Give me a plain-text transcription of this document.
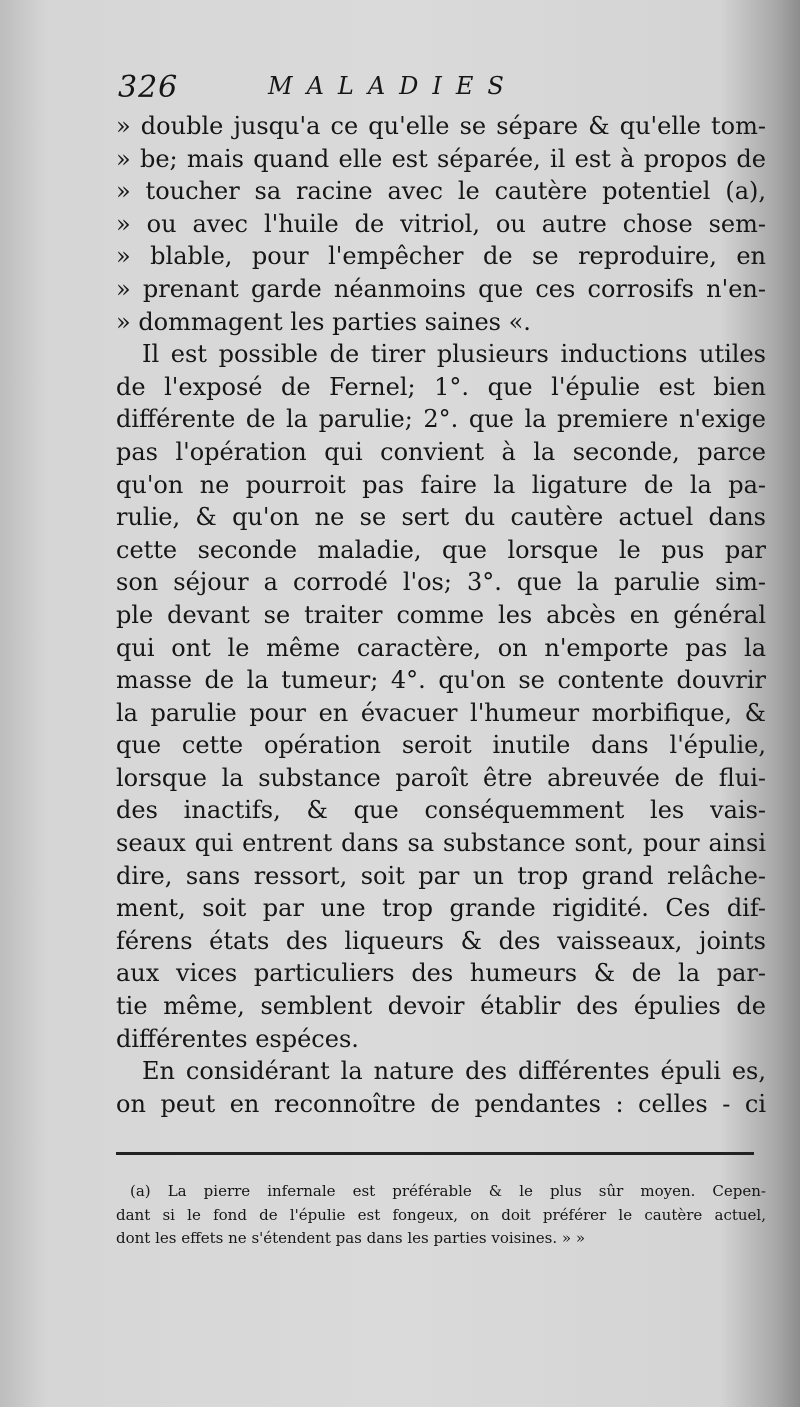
326	MALADIES
» double jusqu'a ce qu'elle se sépare & qu'elle tom-
» be; mais quand elle est séparée, il est à propos de
» toucher sa racine avec le cautère potentiel (a),
» ou avec l'huile de vitriol, ou autre chose sem-
» blable, pour l'empêcher de se reproduire, en
» prenant garde néanmoins que ces corrosifs n'en-
» dommagent les parties saines «.
Il est possible de tirer plusieurs inductions utiles
de l'exposé de Fernel; 1°. que l'épulie est bien
différente de la parulie; 2°. que la premiere n'exige
pas l'opération qui convient à la seconde, parce
qu'on ne pourroit pas faire la ligature de la pa-
rulie, & qu'on ne se sert du cautère actuel dans
cette seconde maladie, que lorsque le pus par
son séjour a corrodé l'os; 3°. que la parulie sim-
ple devant se traiter comme les abcès en général
qui ont le même caractère, on n'emporte pas la
masse de la tumeur; 4°. qu'on se contente douvrir
la parulie pour en évacuer l'humeur morbifique, &
que cette opération seroit inutile dans l'épulie,
lorsque la substance paroît être abreuvée de flui-
des inactifs, & que conséquemment les vais-
seaux qui entrent dans sa substance sont, pour ainsi
dire, sans ressort, soit par un trop grand relâche-
ment, soit par une trop grande rigidité. Ces dif-
férens états des liqueurs & des vaisseaux, joints
aux vices particuliers des humeurs & de la par-
tie même, semblent devoir établir des épulies de
différentes espéces.
En considérant la nature des différentes épuli es,
on peut en reconnoître de pendantes : celles - ci
(a) La pierre infernale est préférable & le plus sûr moyen. Cepen-
dant si le fond de l'épulie est fongeux, on doit préférer le cautère actuel,
dont les effets ne s'étendent pas dans les parties voisines. » »
